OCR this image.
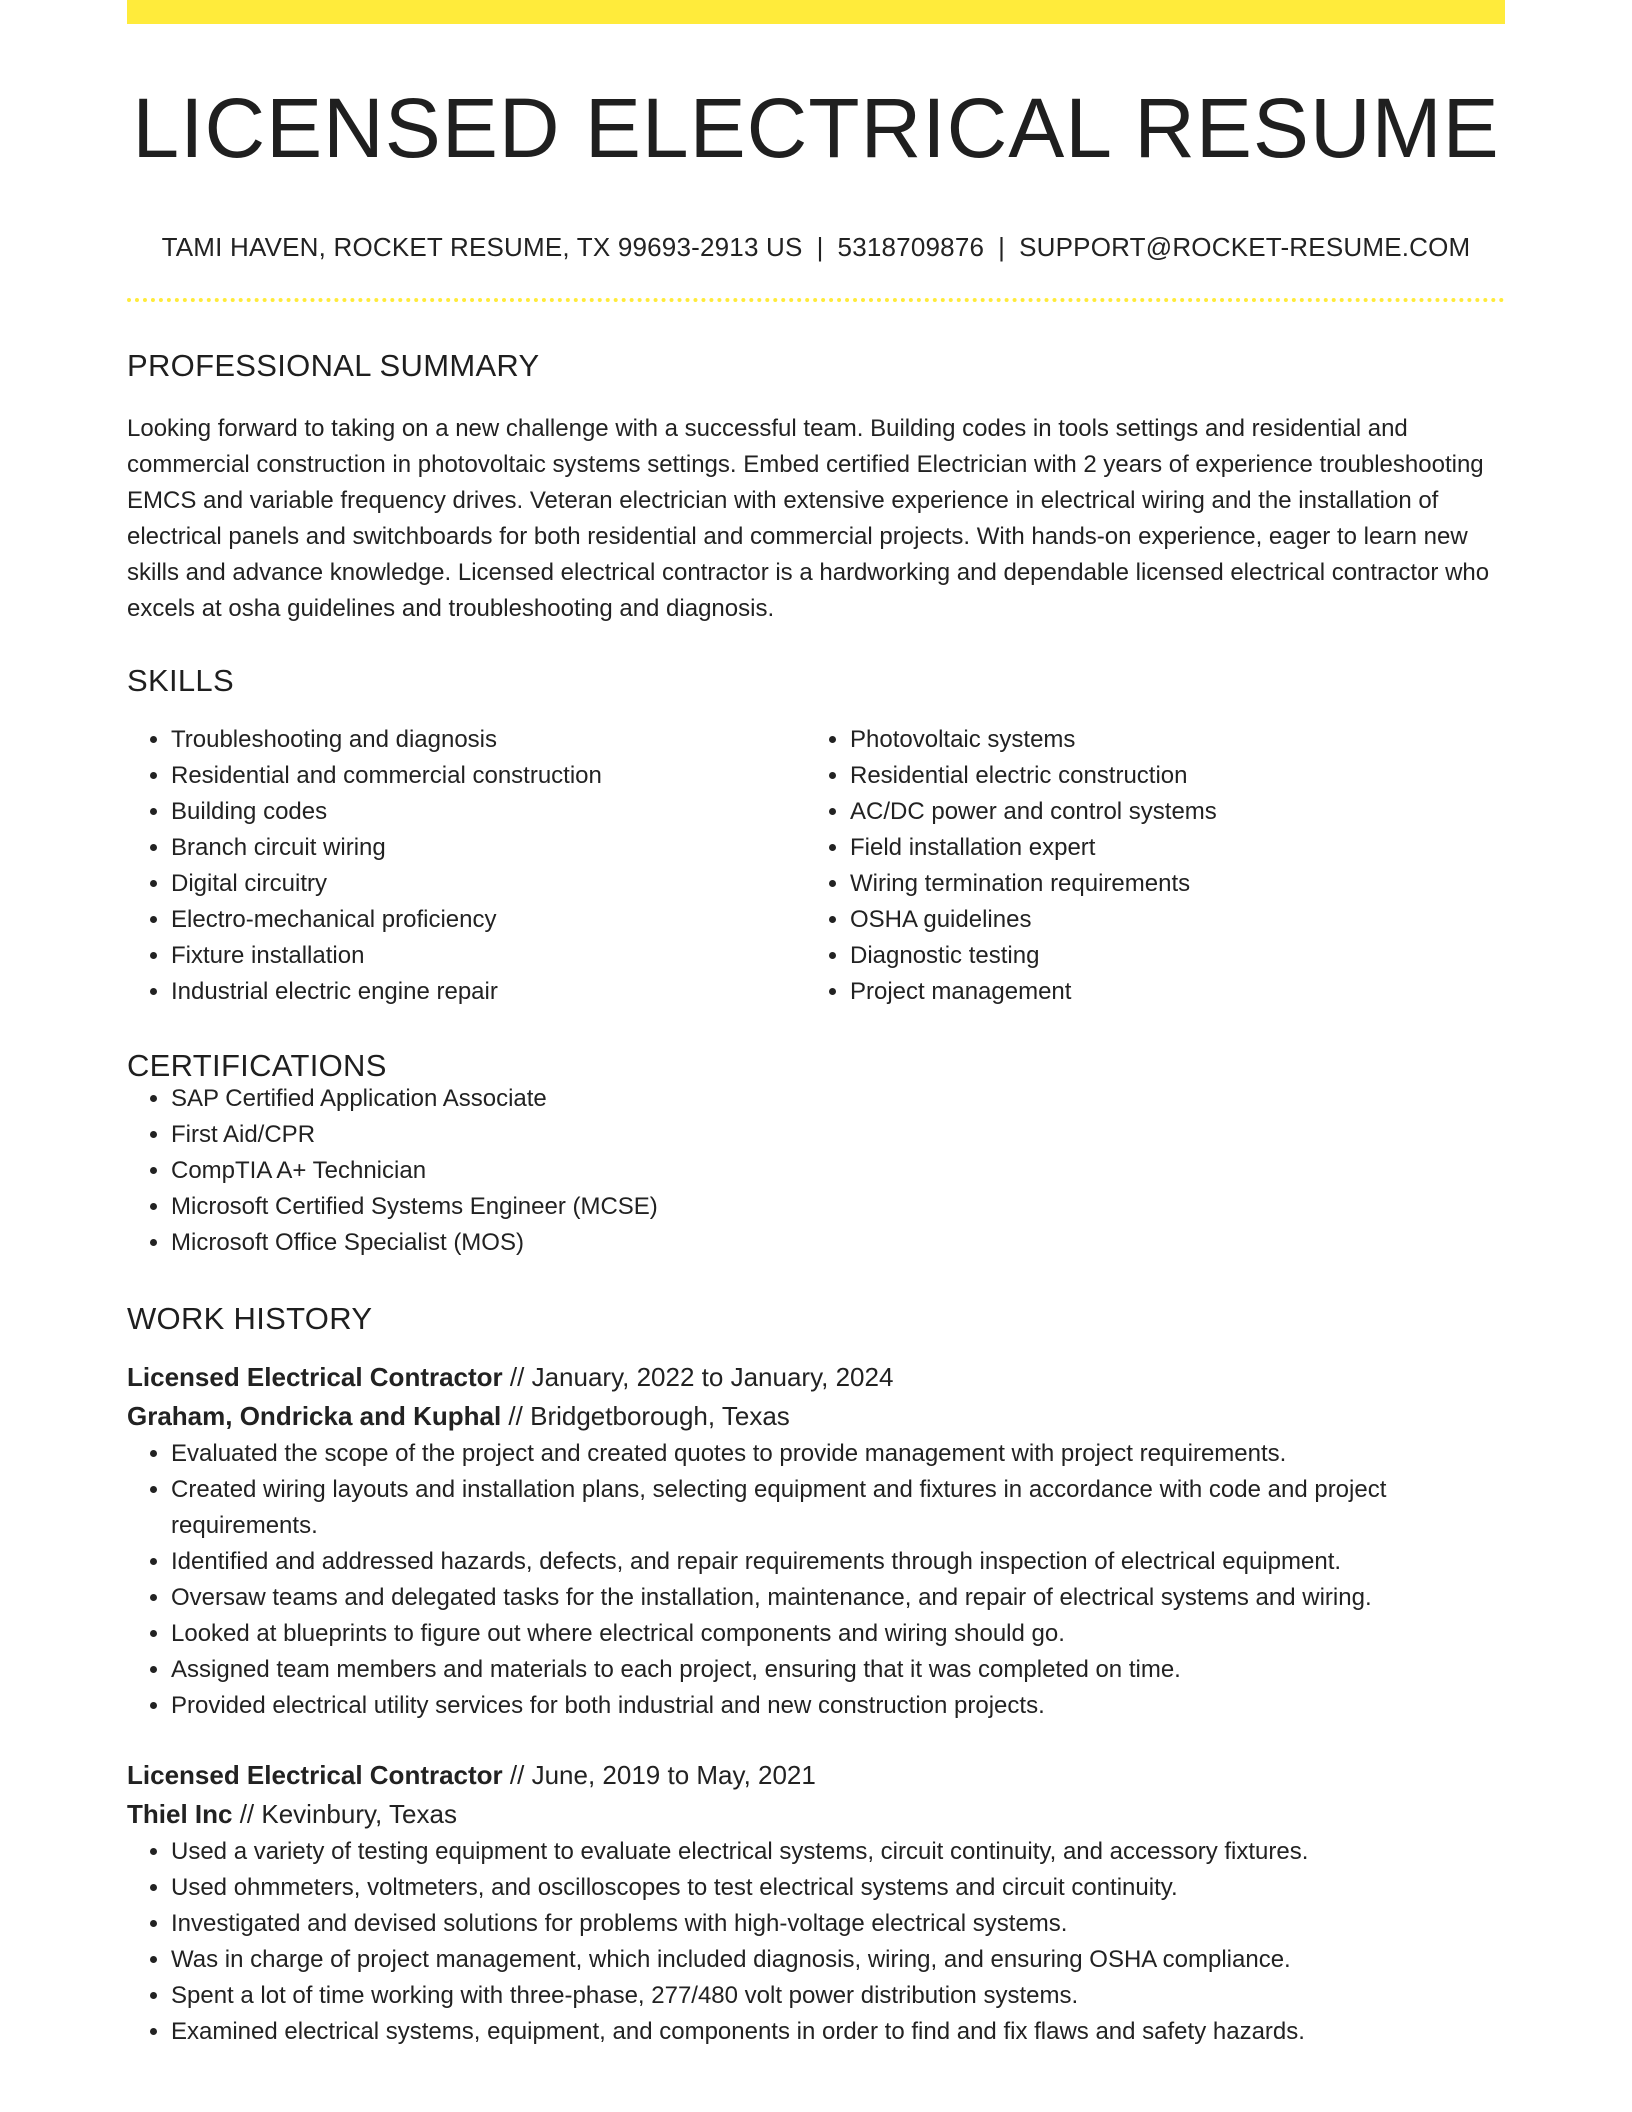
LICENSED ELECTRICAL RESUME
TAMI HAVEN, ROCKET RESUME, TX 99693-2913 US | 5318709876 | SUPPORT@ROCKET-RESUME.COM
PROFESSIONAL SUMMARY

Looking forward to taking on a new challenge with a successful team. Building codes in tools settings and residential and commercial construction in photovoltaic systems settings. Embed certified Electrician with 2 years of experience troubleshooting EMCS and variable frequency drives. Veteran electrician with extensive experience in electrical wiring and the installation of electrical panels and switchboards for both residential and commercial projects. With hands-on experience, eager to learn new skills and advance knowledge. Licensed electrical contractor is a hardworking and dependable licensed electrical contractor who excels at osha guidelines and troubleshooting and diagnosis.

SKILLS
• Troubleshooting and diagnosis
• Residential and commercial construction
• Building codes
• Branch circuit wiring
• Digital circuitry
• Electro-mechanical proficiency
• Fixture installation
• Industrial electric engine repair
• Photovoltaic systems
• Residential electric construction
• AC/DC power and control systems
• Field installation expert
• Wiring termination requirements
• OSHA guidelines
• Diagnostic testing
• Project management
CERTIFICATIONS
• SAP Certified Application Associate
• First Aid/CPR
• CompTIA A+ Technician
• Microsoft Certified Systems Engineer (MCSE)
• Microsoft Office Specialist (MOS)
WORK HISTORY
Licensed Electrical Contractor // January, 2022 to January, 2024
Graham, Ondricka and Kuphal // Bridgetborough, Texas
• Evaluated the scope of the project and created quotes to provide management with project requirements.
• Created wiring layouts and installation plans, selecting equipment and fixtures in accordance with code and project requirements.
• Identified and addressed hazards, defects, and repair requirements through inspection of electrical equipment.
• Oversaw teams and delegated tasks for the installation, maintenance, and repair of electrical systems and wiring.
• Looked at blueprints to figure out where electrical components and wiring should go.
• Assigned team members and materials to each project, ensuring that it was completed on time.
• Provided electrical utility services for both industrial and new construction projects.
Licensed Electrical Contractor // June, 2019 to May, 2021
Thiel Inc // Kevinbury, Texas
• Used a variety of testing equipment to evaluate electrical systems, circuit continuity, and accessory fixtures.
• Used ohmmeters, voltmeters, and oscilloscopes to test electrical systems and circuit continuity.
• Investigated and devised solutions for problems with high-voltage electrical systems.
• Was in charge of project management, which included diagnosis, wiring, and ensuring OSHA compliance.
• Spent a lot of time working with three-phase, 277/480 volt power distribution systems.
• Examined electrical systems, equipment, and components in order to find and fix flaws and safety hazards.
